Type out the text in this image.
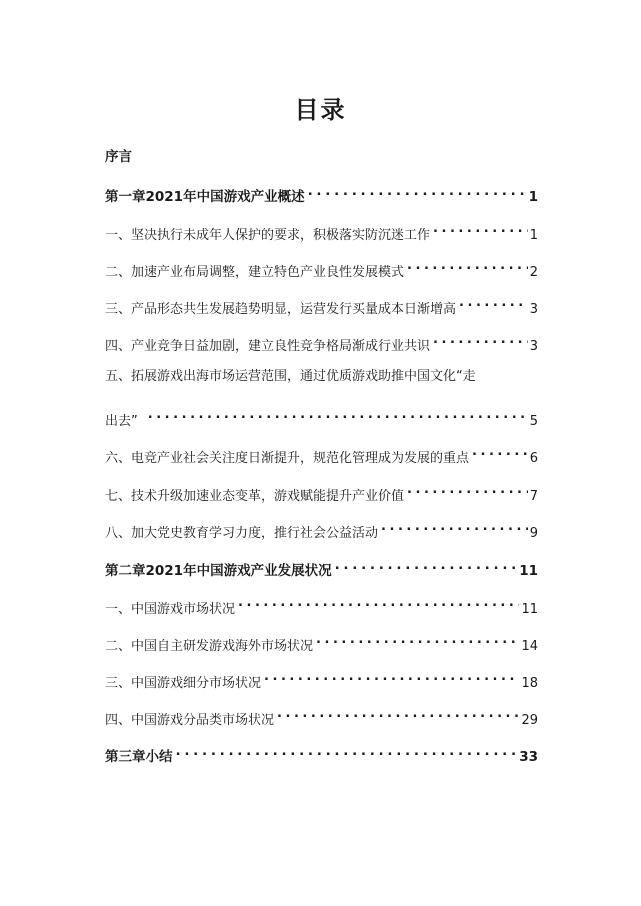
目录
序言
第一章2021年中国游戏产业概述 . . .	1
一、坚决执行未成年人保护的要求，积极落实防沉迷工作 . . .	1
二、加速产业布局调整，建立特色产业良性发展模式 . . .	2
三、产品形态共生发展趋势明显，运营发行买量成本日渐增高 . . .	3
四、产业竞争日益加剧，建立良性竞争格局渐成行业共识 . . .	3
五、拓展游戏出海市场运营范围，通过优质游戏助推中国文化“走
出去” . . .	5
六、电竞产业社会关注度日渐提升，规范化管理成为发展的重点 . . .	6
七、技术升级加速业态变革，游戏赋能提升产业价值 . . .	7
八、加大党史教育学习力度，推行社会公益活动 . . .	9
第二章2021年中国游戏产业发展状况 . . .	11
一、中国游戏市场状况 . . .	11
二、中国自主研发游戏海外市场状况 . . .	14
三、中国游戏细分市场状况 . . .	18
四、中国游戏分品类市场状况 . . .	29
第三章小结 . . .	33
